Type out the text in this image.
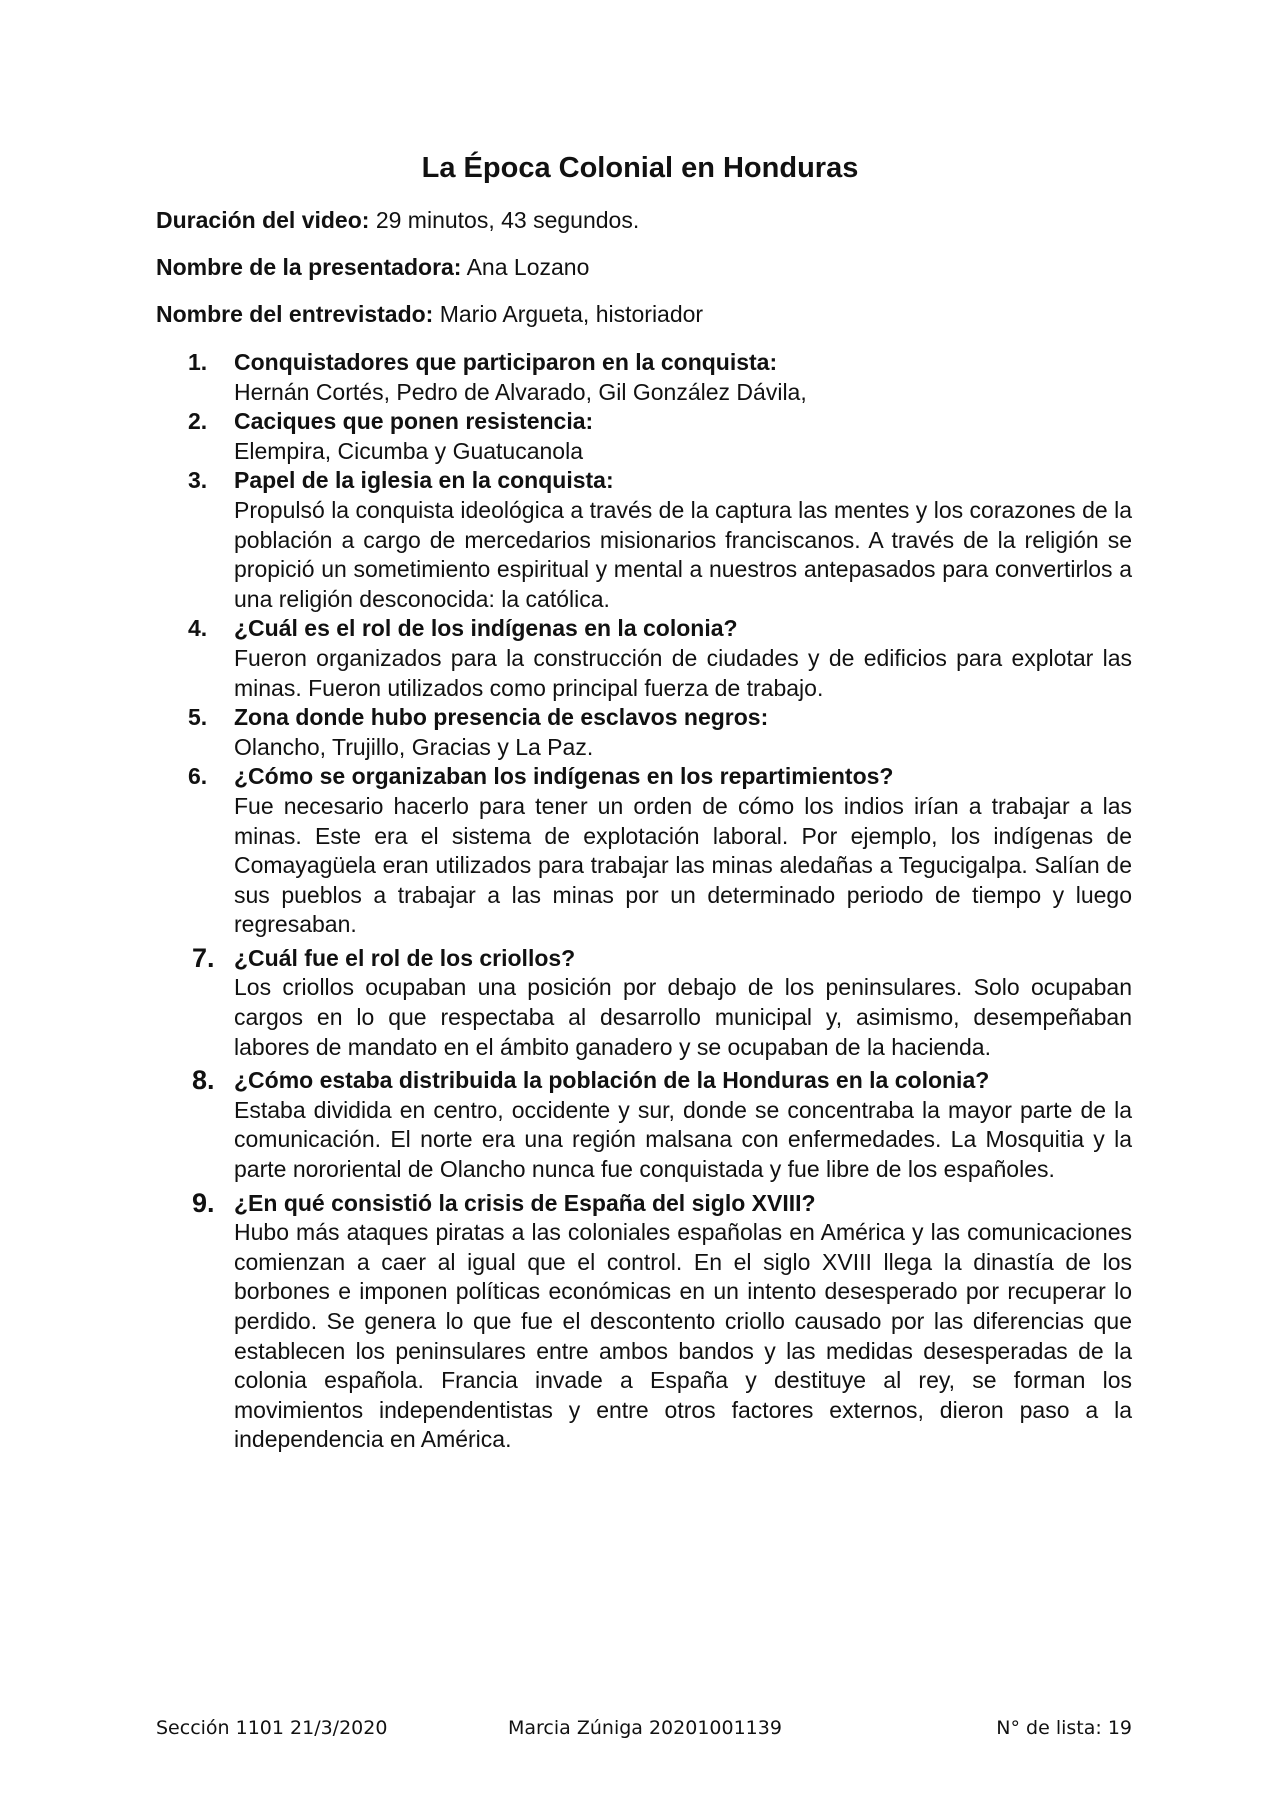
La Época Colonial en Honduras
Duración del video: 29 minutos, 43 segundos.
Nombre de la presentadora: Ana Lozano
Nombre del entrevistado: Mario Argueta, historiador
1.	Conquistadores que participaron en la conquista:
Hernán Cortés, Pedro de Alvarado, Gil González Dávila,
2.	Caciques que ponen resistencia:
Elempira, Cicumba y Guatucanola
3.	Papel de la iglesia en la conquista:
Propulsó la conquista ideológica a través de la captura las mentes y los corazones de la población a cargo de mercedarios misionarios franciscanos. A través de la religión se propició un sometimiento espiritual y mental a nuestros antepasados para convertirlos a una religión desconocida: la católica.
4.	¿Cuál es el rol de los indígenas en la colonia?
Fueron organizados para la construcción de ciudades y de edificios para explotar las minas. Fueron utilizados como principal fuerza de trabajo.
5.	Zona donde hubo presencia de esclavos negros:
Olancho, Trujillo, Gracias y La Paz.
6.	¿Cómo se organizaban los indígenas en los repartimientos?
Fue necesario hacerlo para tener un orden de cómo los indios irían a trabajar a las minas. Este era el sistema de explotación laboral. Por ejemplo, los indígenas de Comayagüela eran utilizados para trabajar las minas aledañas a Tegucigalpa. Salían de sus pueblos a trabajar a las minas por un determinado periodo de tiempo y luego regresaban.
7. ¿Cuál fue el rol de los criollos?
Los criollos ocupaban una posición por debajo de los peninsulares. Solo ocupaban cargos en lo que respectaba al desarrollo municipal y, asimismo, desempeñaban labores de mandato en el ámbito ganadero y se ocupaban de la hacienda.
8. ¿Cómo estaba distribuida la población de la Honduras en la colonia?
Estaba dividida en centro, occidente y sur, donde se concentraba la mayor parte de la comunicación. El norte era una región malsana con enfermedades. La Mosquitia y la parte nororiental de Olancho nunca fue conquistada y fue libre de los españoles.
9. ¿En qué consistió la crisis de España del siglo XVIII?
Hubo más ataques piratas a las coloniales españolas en América y las comunicaciones comienzan a caer al igual que el control. En el siglo XVIII llega la dinastía de los borbones e imponen políticas económicas en un intento desesperado por recuperar lo perdido. Se genera lo que fue el descontento criollo causado por las diferencias que establecen los peninsulares entre ambos bandos y las medidas desesperadas de la colonia española. Francia invade a España y destituye al rey, se forman los movimientos independentistas y entre otros factores externos, dieron paso a la independencia en América.
Sección 1101 21/3/2020	Marcia Zúniga 20201001139	N° de lista: 19
